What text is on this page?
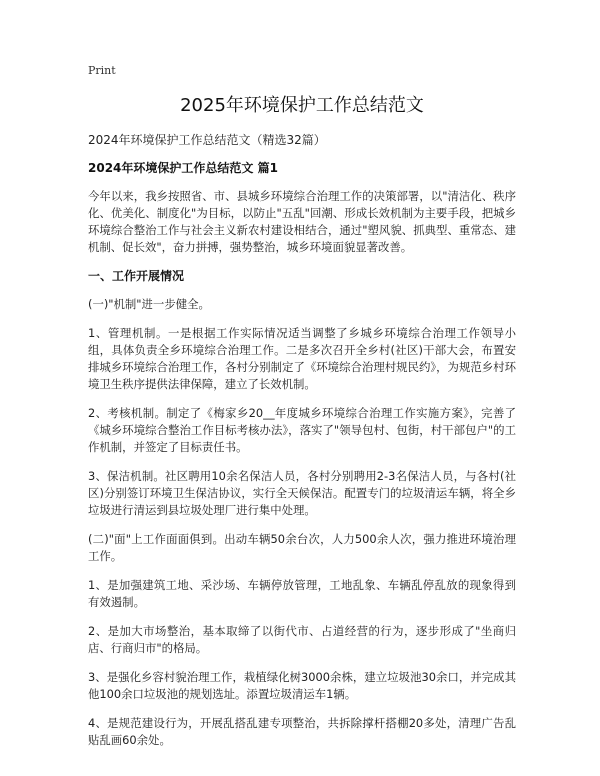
Print
2025年环境保护工作总结范文
2024年环境保护工作总结范文（精选32篇）
2024年环境保护工作总结范文 篇1

今年以来，我乡按照省、市、县城乡环境综合治理工作的决策部署，以"清洁化、秩序化、优美化、制度化"为目标，以防止"五乱"回潮、形成长效机制为主要手段，把城乡环境综合整治工作与社会主义新农村建设相结合，通过"塑风貌、抓典型、重常态、建机制、促长效"，奋力拼搏，强势整治，城乡环境面貌显著改善。

一、工作开展情况

(一)"机制"进一步健全。

1、管理机制。一是根据工作实际情况适当调整了乡城乡环境综合治理工作领导小组，具体负责全乡环境综合治理工作。二是多次召开全乡村(社区)干部大会，布置安排城乡环境综合治理工作，各村分别制定了《环境综合治理村规民约》，为规范乡村环境卫生秩序提供法律保障，建立了长效机制。

2、考核机制。制定了《梅家乡20__年度城乡环境综合治理工作实施方案》，完善了《城乡环境综合整治工作目标考核办法》，落实了"领导包村、包街，村干部包户"的工作机制，并签定了目标责任书。

3、保洁机制。社区聘用10余名保洁人员，各村分别聘用2-3名保洁人员，与各村(社区)分别签订环境卫生保洁协议，实行全天候保洁。配置专门的垃圾清运车辆，将全乡垃圾进行清运到县垃圾处理厂进行集中处理。

(二)"面"上工作面面俱到。出动车辆50余台次，人力500余人次，强力推进环境治理工作。

1、是加强建筑工地、采沙场、车辆停放管理，工地乱象、车辆乱停乱放的现象得到有效遏制。

2、是加大市场整治，基本取缔了以街代市、占道经营的行为，逐步形成了"坐商归店、行商归市"的格局。

3、是强化乡容村貌治理工作，栽植绿化树3000余株，建立垃圾池30余口，并完成其他100余口垃圾池的规划选址。添置垃圾清运车1辆。

4、是规范建设行为，开展乱搭乱建专项整治，共拆除撑杆搭棚20多处，清理广告乱贴乱画60余处。
